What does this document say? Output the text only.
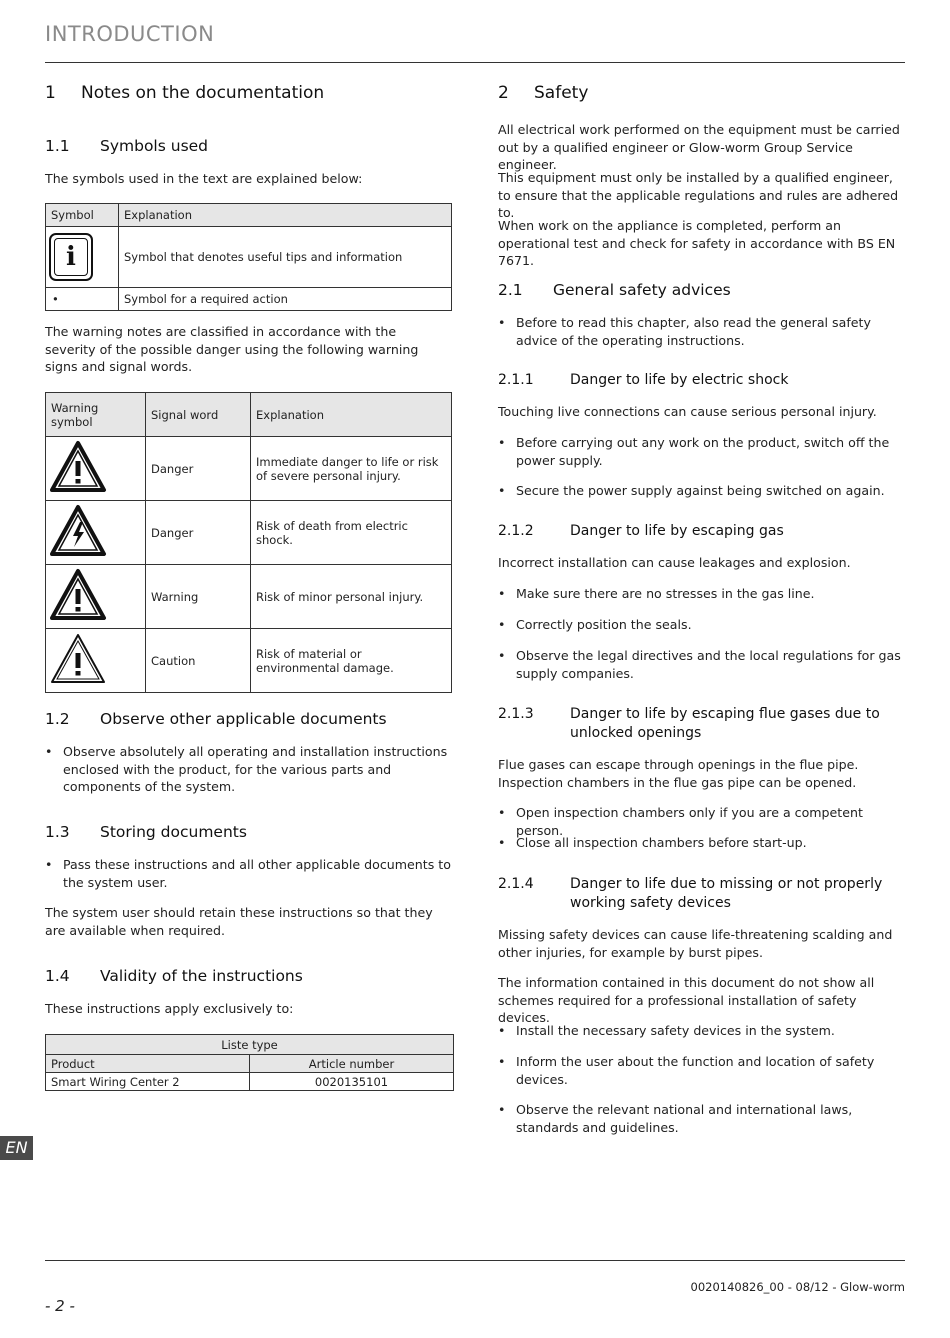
INTRODUCTION
1 Notes on the documentation
1.1 Symbols used
The symbols used in the text are explained below:
Symbol	Explanation

i	Symbol that denotes useful tips and information
•	Symbol for a required action
The warning notes are classified in accordance with the severity of the possible danger using the following warning signs and signal words.
Warning symbol	Signal word	Explanation
	Danger	Immediate danger to life or risk of severe personal injury.
	Danger	Risk of death from electric shock.
	Warning	Risk of minor personal injury.
	Caution	Risk of material or environmental damage.
1.2 Observe other applicable documents
• Observe absolutely all operating and installation instructions enclosed with the product, for the various parts and components of the system.
1.3 Storing documents
• Pass these instructions and all other applicable documents to the system user.
The system user should retain these instructions so that they are available when required.
1.4 Validity of the instructions
These instructions apply exclusively to:
Liste type	
Product	Article number
Smart Wiring Center 2	0020135101
2 Safety
All electrical work performed on the equipment must be carried out by a qualified engineer or Glow-worm Group Service engineer.
This equipment must only be installed by a qualified engineer, to ensure that the applicable regulations and rules are adhered to.
When work on the appliance is completed, perform an operational test and check for safety in accordance with BS EN 7671.
2.1 General safety advices
• Before to read this chapter, also read the general safety advice of the operating instructions.
2.1.1	Danger to life by electric shock
Touching live connections can cause serious personal injury.
• Before carrying out any work on the product, switch off the power supply.
• Secure the power supply against being switched on again.
2.1.2	Danger to life by escaping gas
Incorrect installation can cause leakages and explosion.
• Make sure there are no stresses in the gas line.
• Correctly position the seals.
• Observe the legal directives and the local regulations for gas supply companies.
2.1.3	Danger to life by escaping flue gases due to unlocked openings
Flue gases can escape through openings in the flue pipe. Inspection chambers in the flue gas pipe can be opened.
• Open inspection chambers only if you are a competent person.
• Close all inspection chambers before start-up.
2.1.4	Danger to life due to missing or not properly working safety devices
Missing safety devices can cause life-threatening scalding and other injuries, for example by burst pipes.
The information contained in this document do not show all schemes required for a professional installation of safety devices.
• Install the necessary safety devices in the system.
• Inform the user about the function and location of safety devices.
• Observe the relevant national and international laws, standards and guidelines.
EN
0020140826_00 - 08/12 - Glow-worm
- 2 -
